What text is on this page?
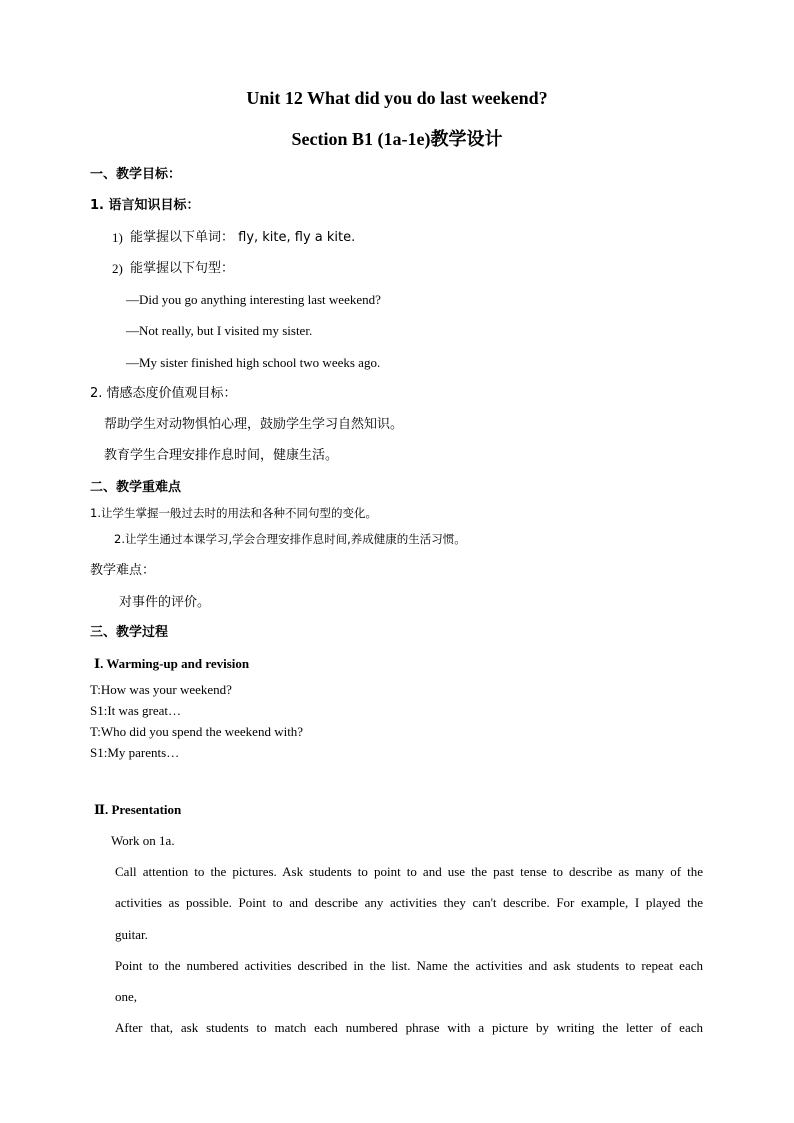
Unit 12 What did you do last weekend?
Section B1 (1a-1e)教学设计
一、教学目标：
1. 语言知识目标：
1) 能掌握以下单词： fly, kite, fly a kite.
2) 能掌握以下句型：
—Did you go anything interesting last weekend?
—Not really, but I visited my sister.
—My sister finished high school two weeks ago.
2. 情感态度价值观目标：
帮助学生对动物惧怕心理，鼓励学生学习自然知识。
教育学生合理安排作息时间，健康生活。
二、教学重难点
1.让学生掌握一般过去时的用法和各种不同句型的变化。
2.让学生通过本课学习,学会合理安排作息时间,养成健康的生活习惯。
教学难点：
对事件的评价。
三、教学过程
Ⅰ. Warming-up and revision
T:How was your weekend?
S1:It was great…
T:Who did you spend the weekend with?
S1:My parents…
Ⅱ. Presentation
Work on 1a.
Call attention to the pictures. Ask students to point to and use the past tense to describe as many of the
activities as possible. Point to and describe any activities they can't describe. For example, I played the
guitar.
Point to the numbered activities described in the list. Name the activities and ask students to repeat each
one,
After that, ask students to match each numbered phrase with a picture by writing the letter of each
